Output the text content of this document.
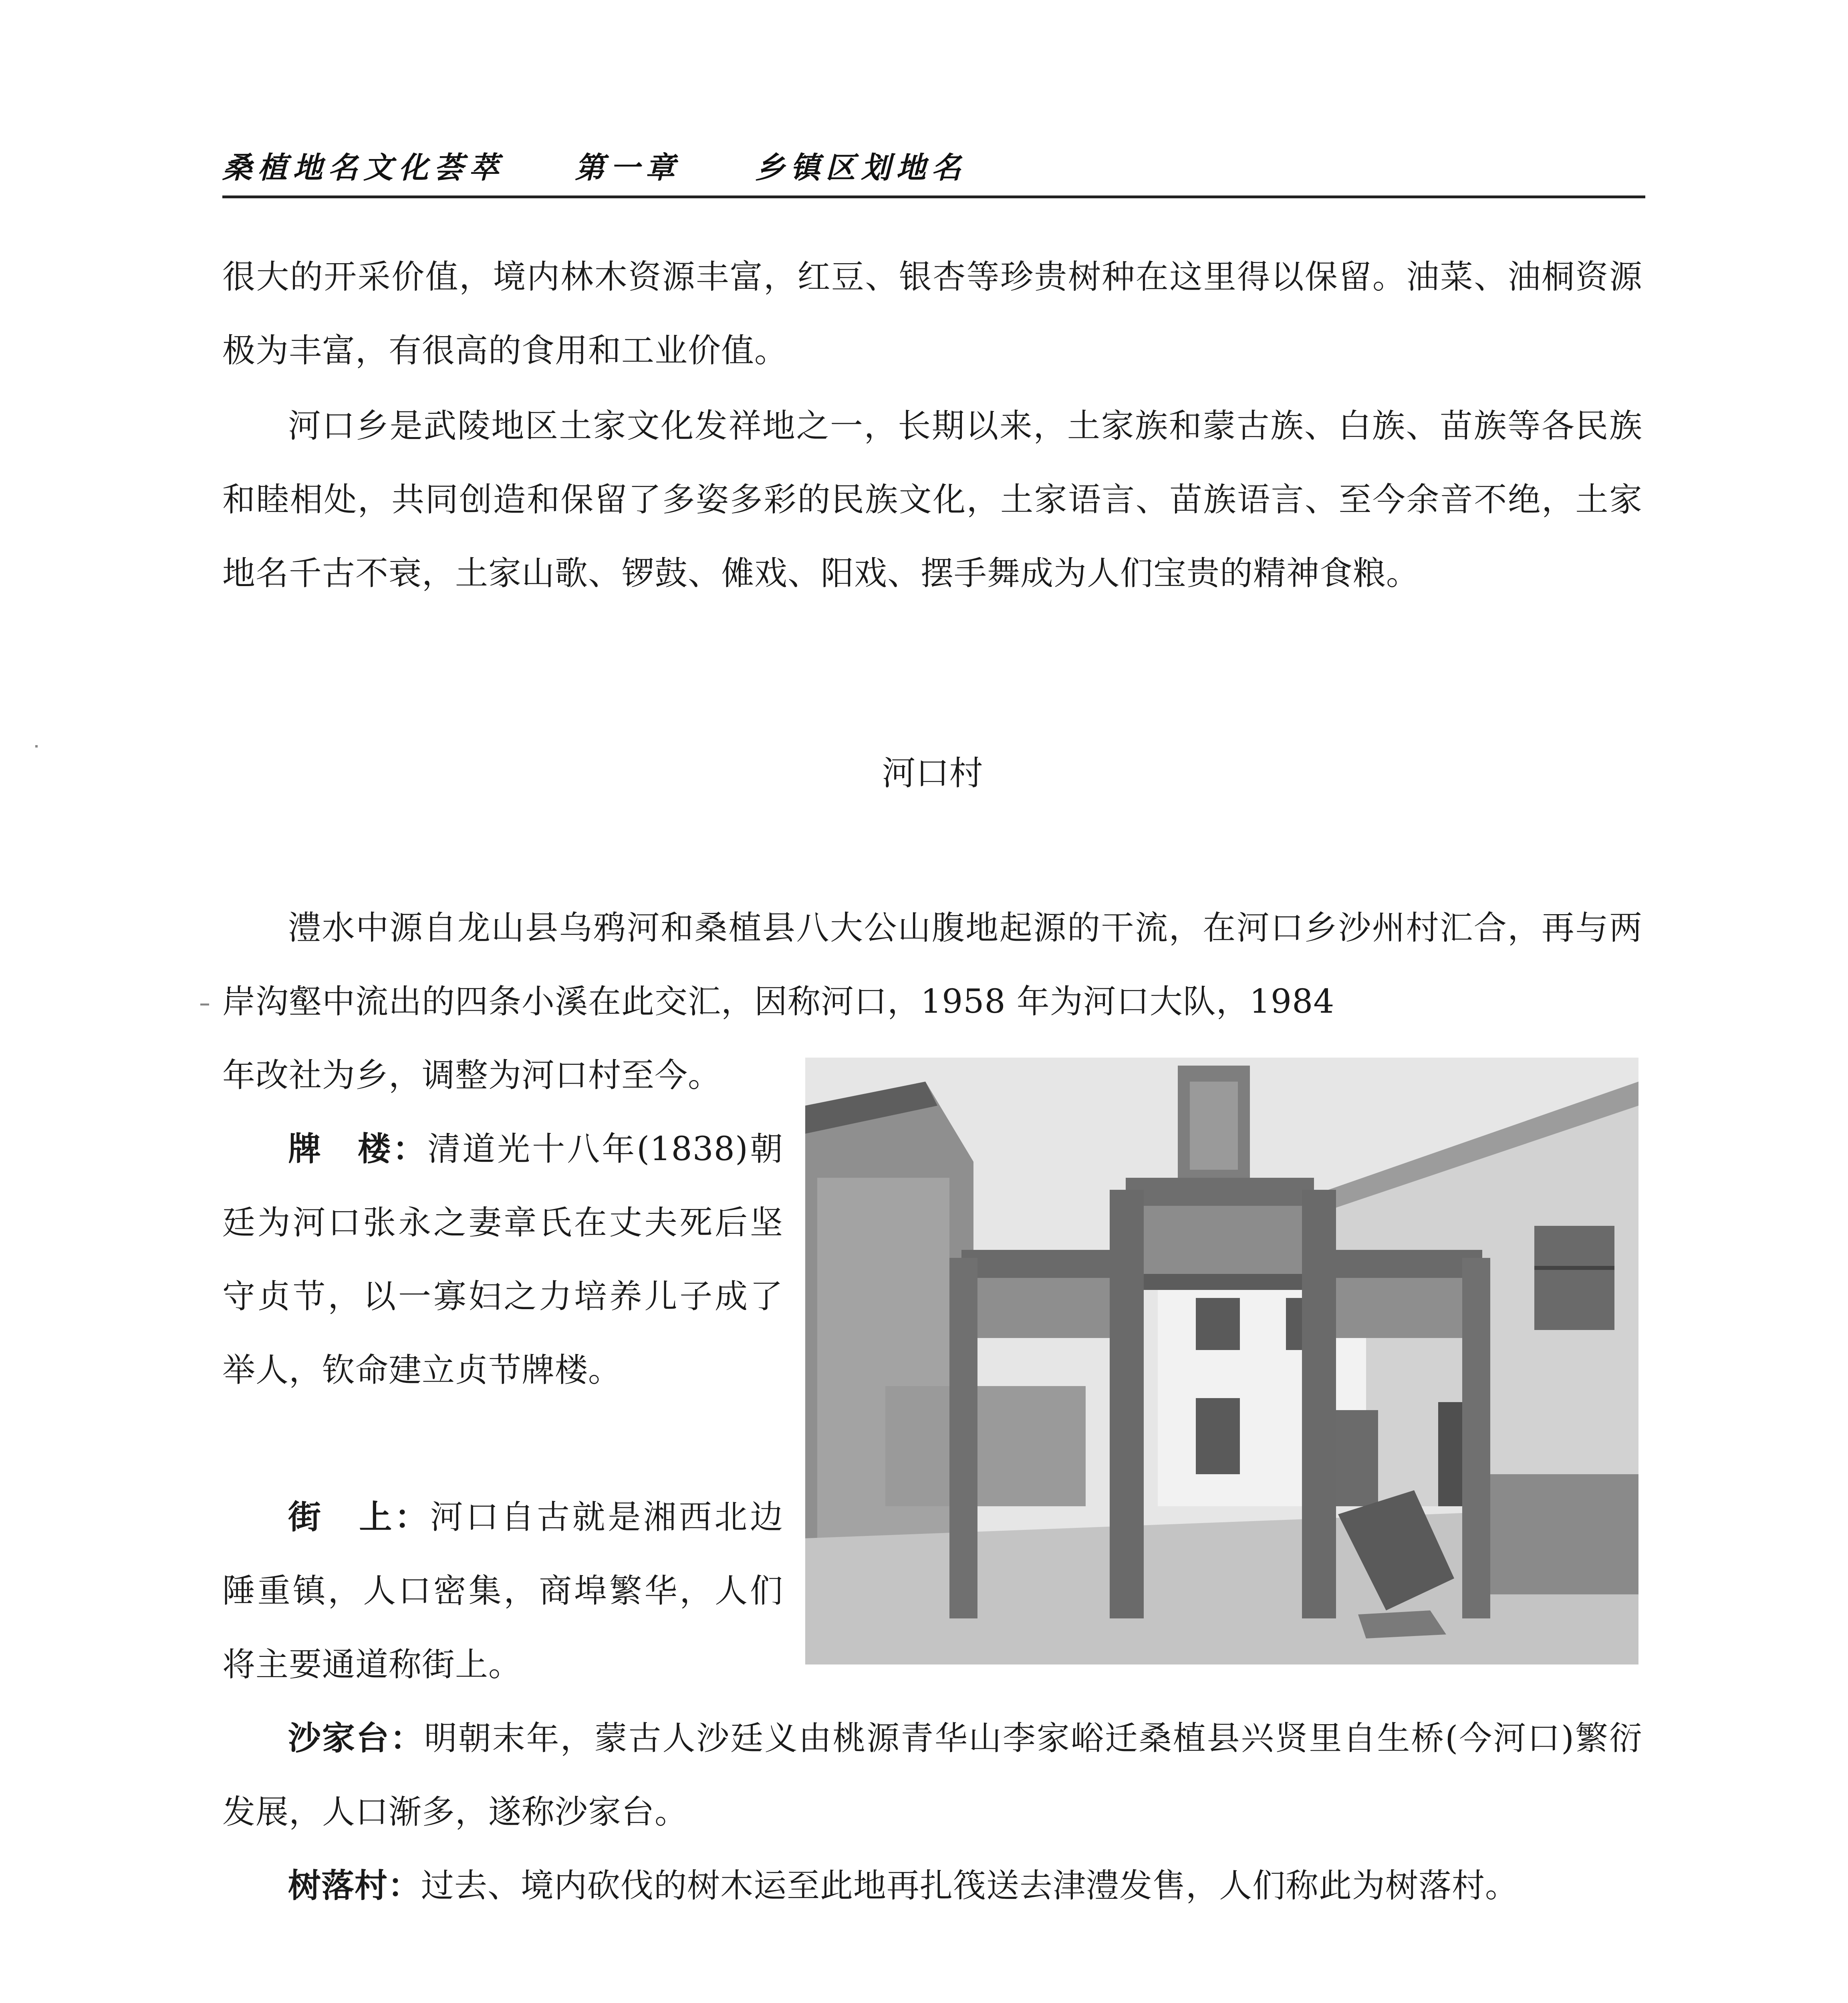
桑植地名文化荟萃 第一章	乡镇区划地名

很大的开采价值，境内林木资源丰富，红豆、银杏等珍贵树种在这里得以保留。油菜、油桐资源极为丰富，有很高的食用和工业价值。

河口乡是武陵地区土家文化发祥地之一，长期以来，土家族和蒙古族、白族、苗族等各民族和睦相处，共同创造和保留了多姿多彩的民族文化，土家语言、苗族语言、至今余音不绝，土家地名千古不衰，土家山歌、锣鼓、傩戏、阳戏、摆手舞成为人们宝贵的精神食粮。

河口村

澧水中源自龙山县乌鸦河和桑植县八大公山腹地起源的干流，在河口乡沙州村汇合，再与两岸沟壑中流出的四条小溪在此交汇，因称河口，1958 年为河口大队，1984

年改社为乡，调整为河口村至今。

牌　楼：清道光十八年(1838)朝廷为河口张永之妻章氏在丈夫死后坚守贞节，以一寡妇之力培养儿子成了举人，钦命建立贞节牌楼。

街　上：河口自古就是湘西北边陲重镇，人口密集，商埠繁华，人们将主要通道称街上。

沙家台：明朝末年，蒙古人沙廷义由桃源青华山李家峪迁桑植县兴贤里自生桥(今河口)繁衍发展，人口渐多，遂称沙家台。

树落村：过去、境内砍伐的树木运至此地再扎筏送去津澧发售，人们称此为树落村。
